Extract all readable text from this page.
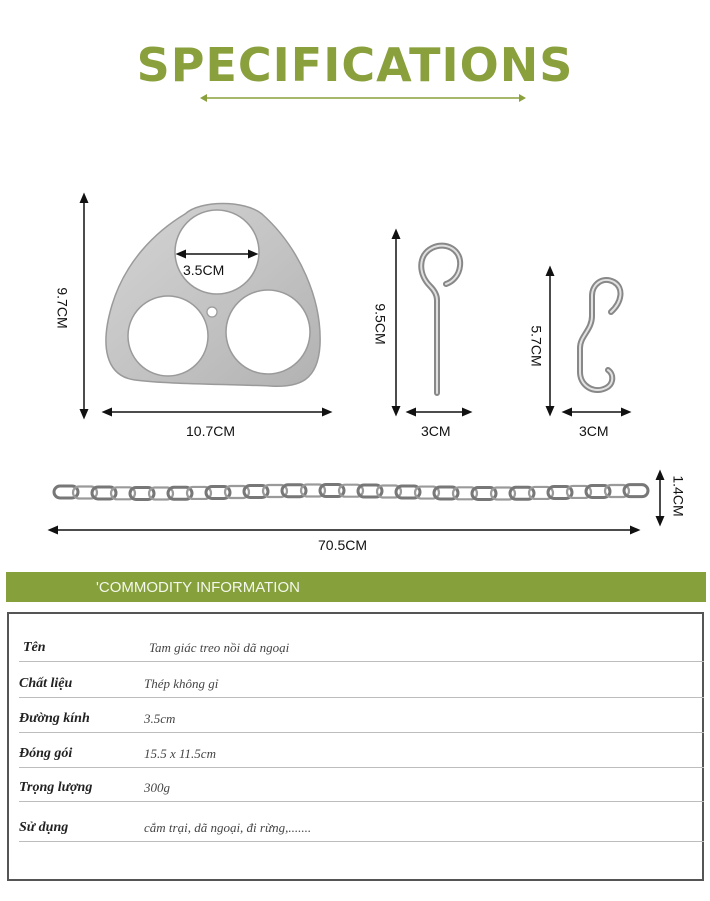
SPECIFICATIONS
9.7CM
10.7CM
3.5CM
9.5CM
3CM
5.7CM
3CM
70.5CM
1.4CM
'COMMODITY INFORMATION
Tên	Tam giác treo nồi dã ngoại
Chất liệu	Thép không gỉ
Đường kính	3.5cm
Đóng gói	15.5 x 11.5cm
Trọng lượng	300g
Sử dụng	cắm trại, dã ngoại, đi rừng,.......
